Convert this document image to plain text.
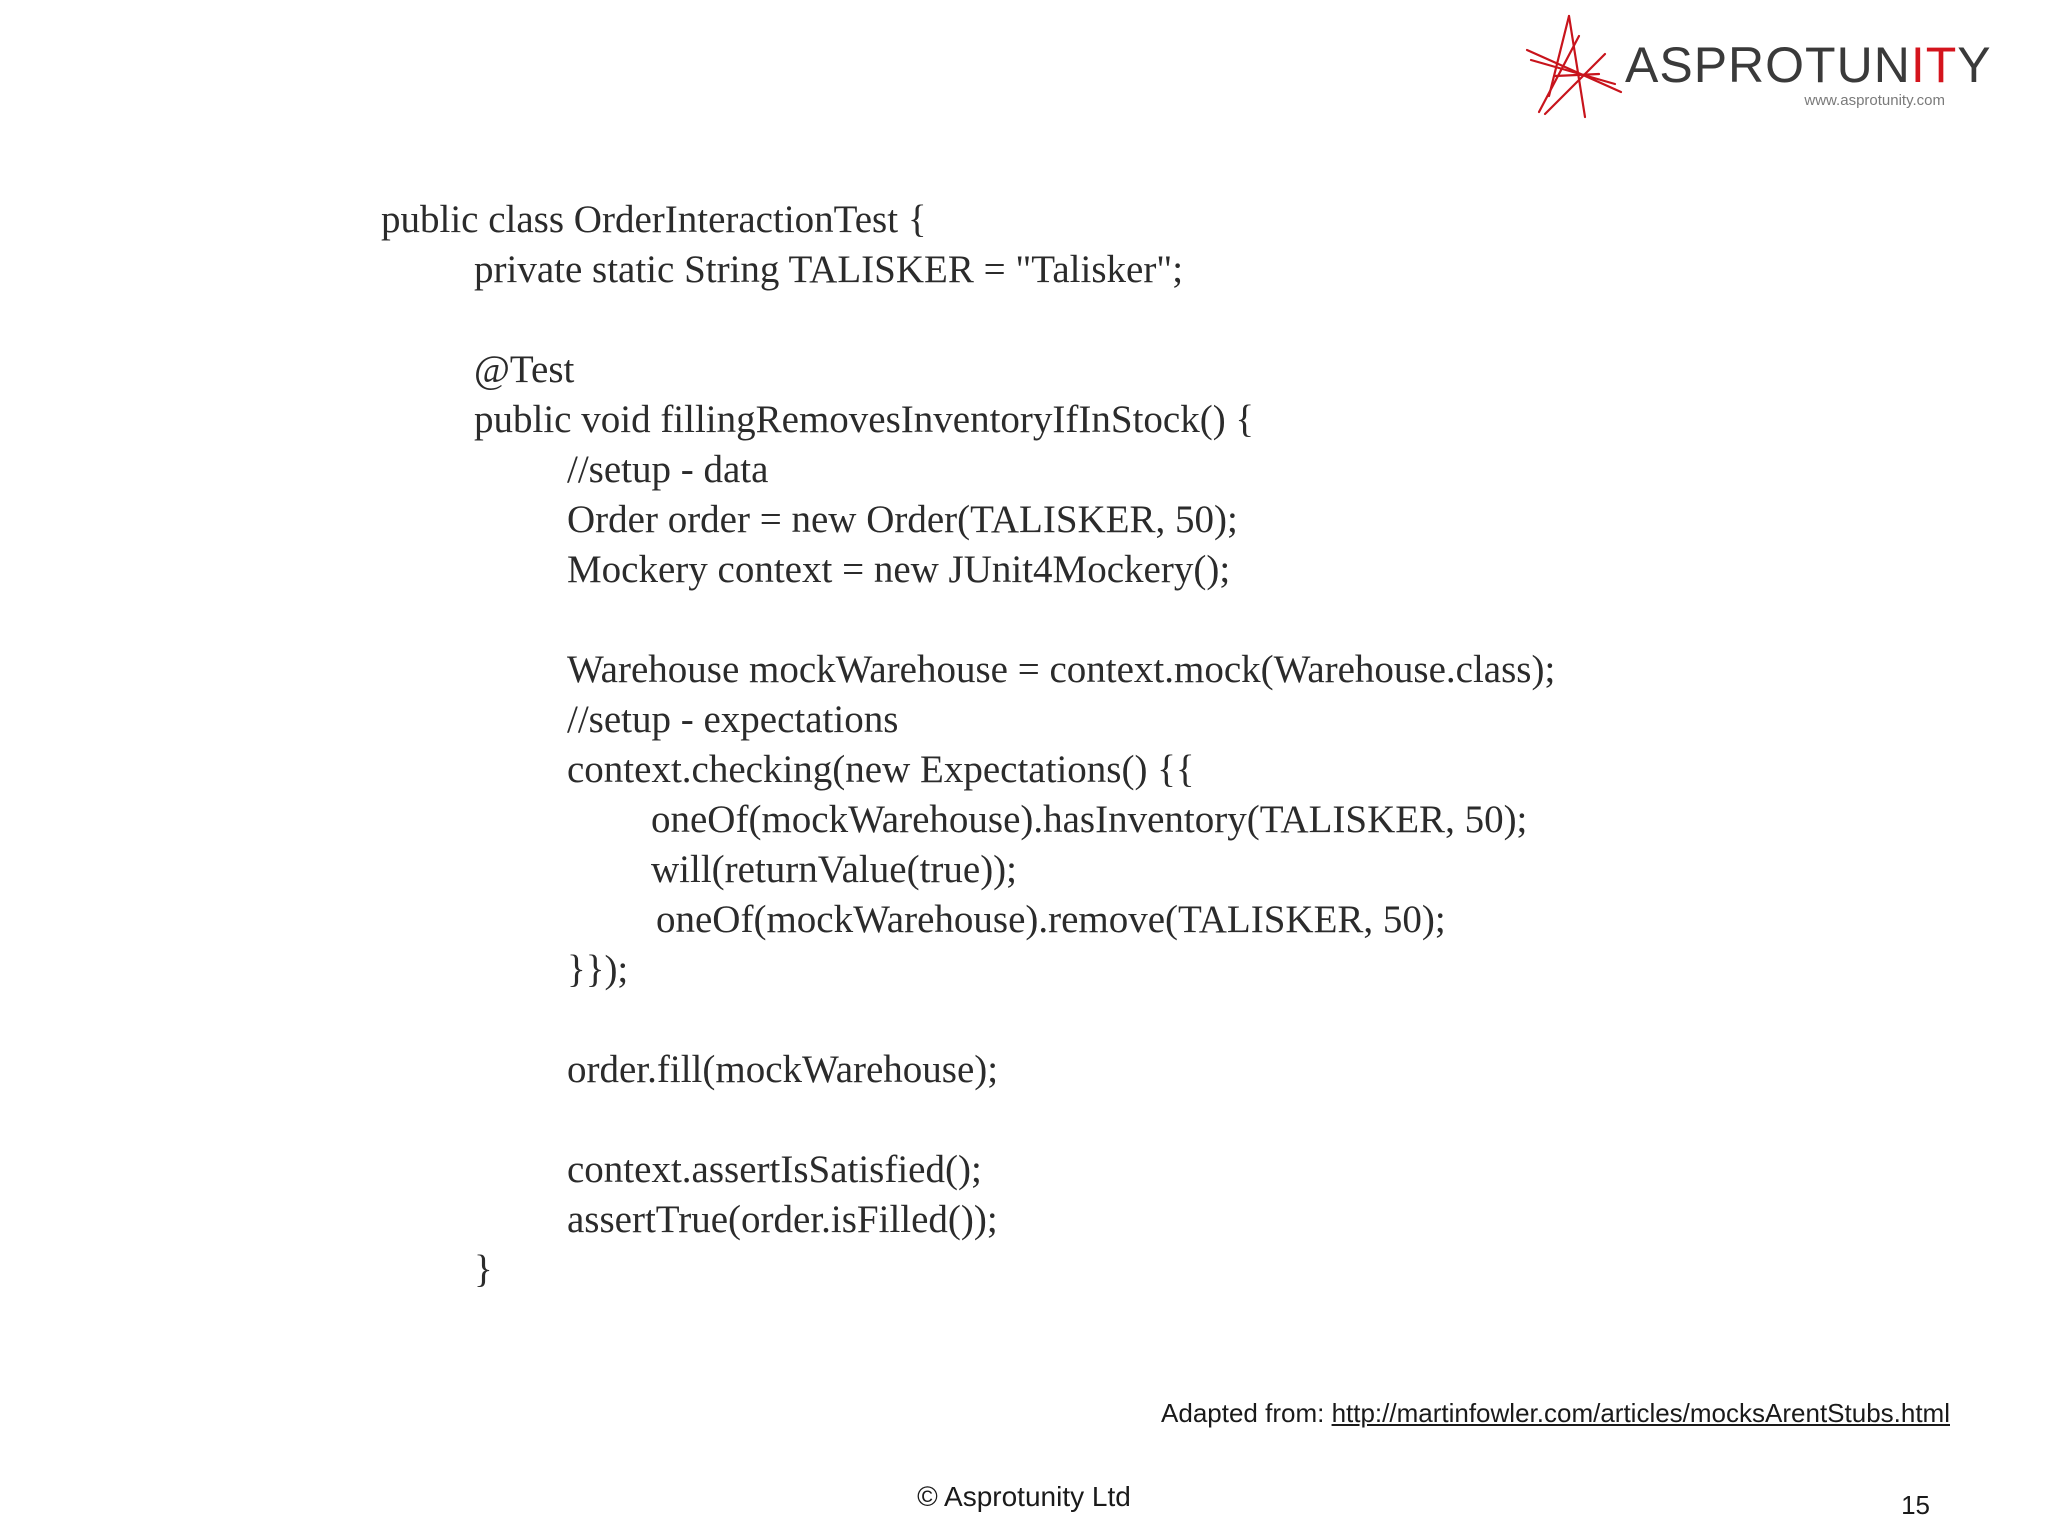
ASPROTUNITY
www.asprotunity.com
public class OrderInteractionTest {
private static String TALISKER = "Talisker";
@Test
public void fillingRemovesInventoryIfInStock() {
//setup - data
Order order = new Order(TALISKER, 50);
Mockery context = new JUnit4Mockery();
Warehouse mockWarehouse = context.mock(Warehouse.class);
//setup - expectations
context.checking(new Expectations() {{
oneOf(mockWarehouse).hasInventory(TALISKER, 50);
will(returnValue(true));
oneOf(mockWarehouse).remove(TALISKER, 50);
}});
order.fill(mockWarehouse);
context.assertIsSatisfied();
assertTrue(order.isFilled());
}
Adapted from: http://martinfowler.com/articles/mocksArentStubs.html
© Asprotunity Ltd	15
